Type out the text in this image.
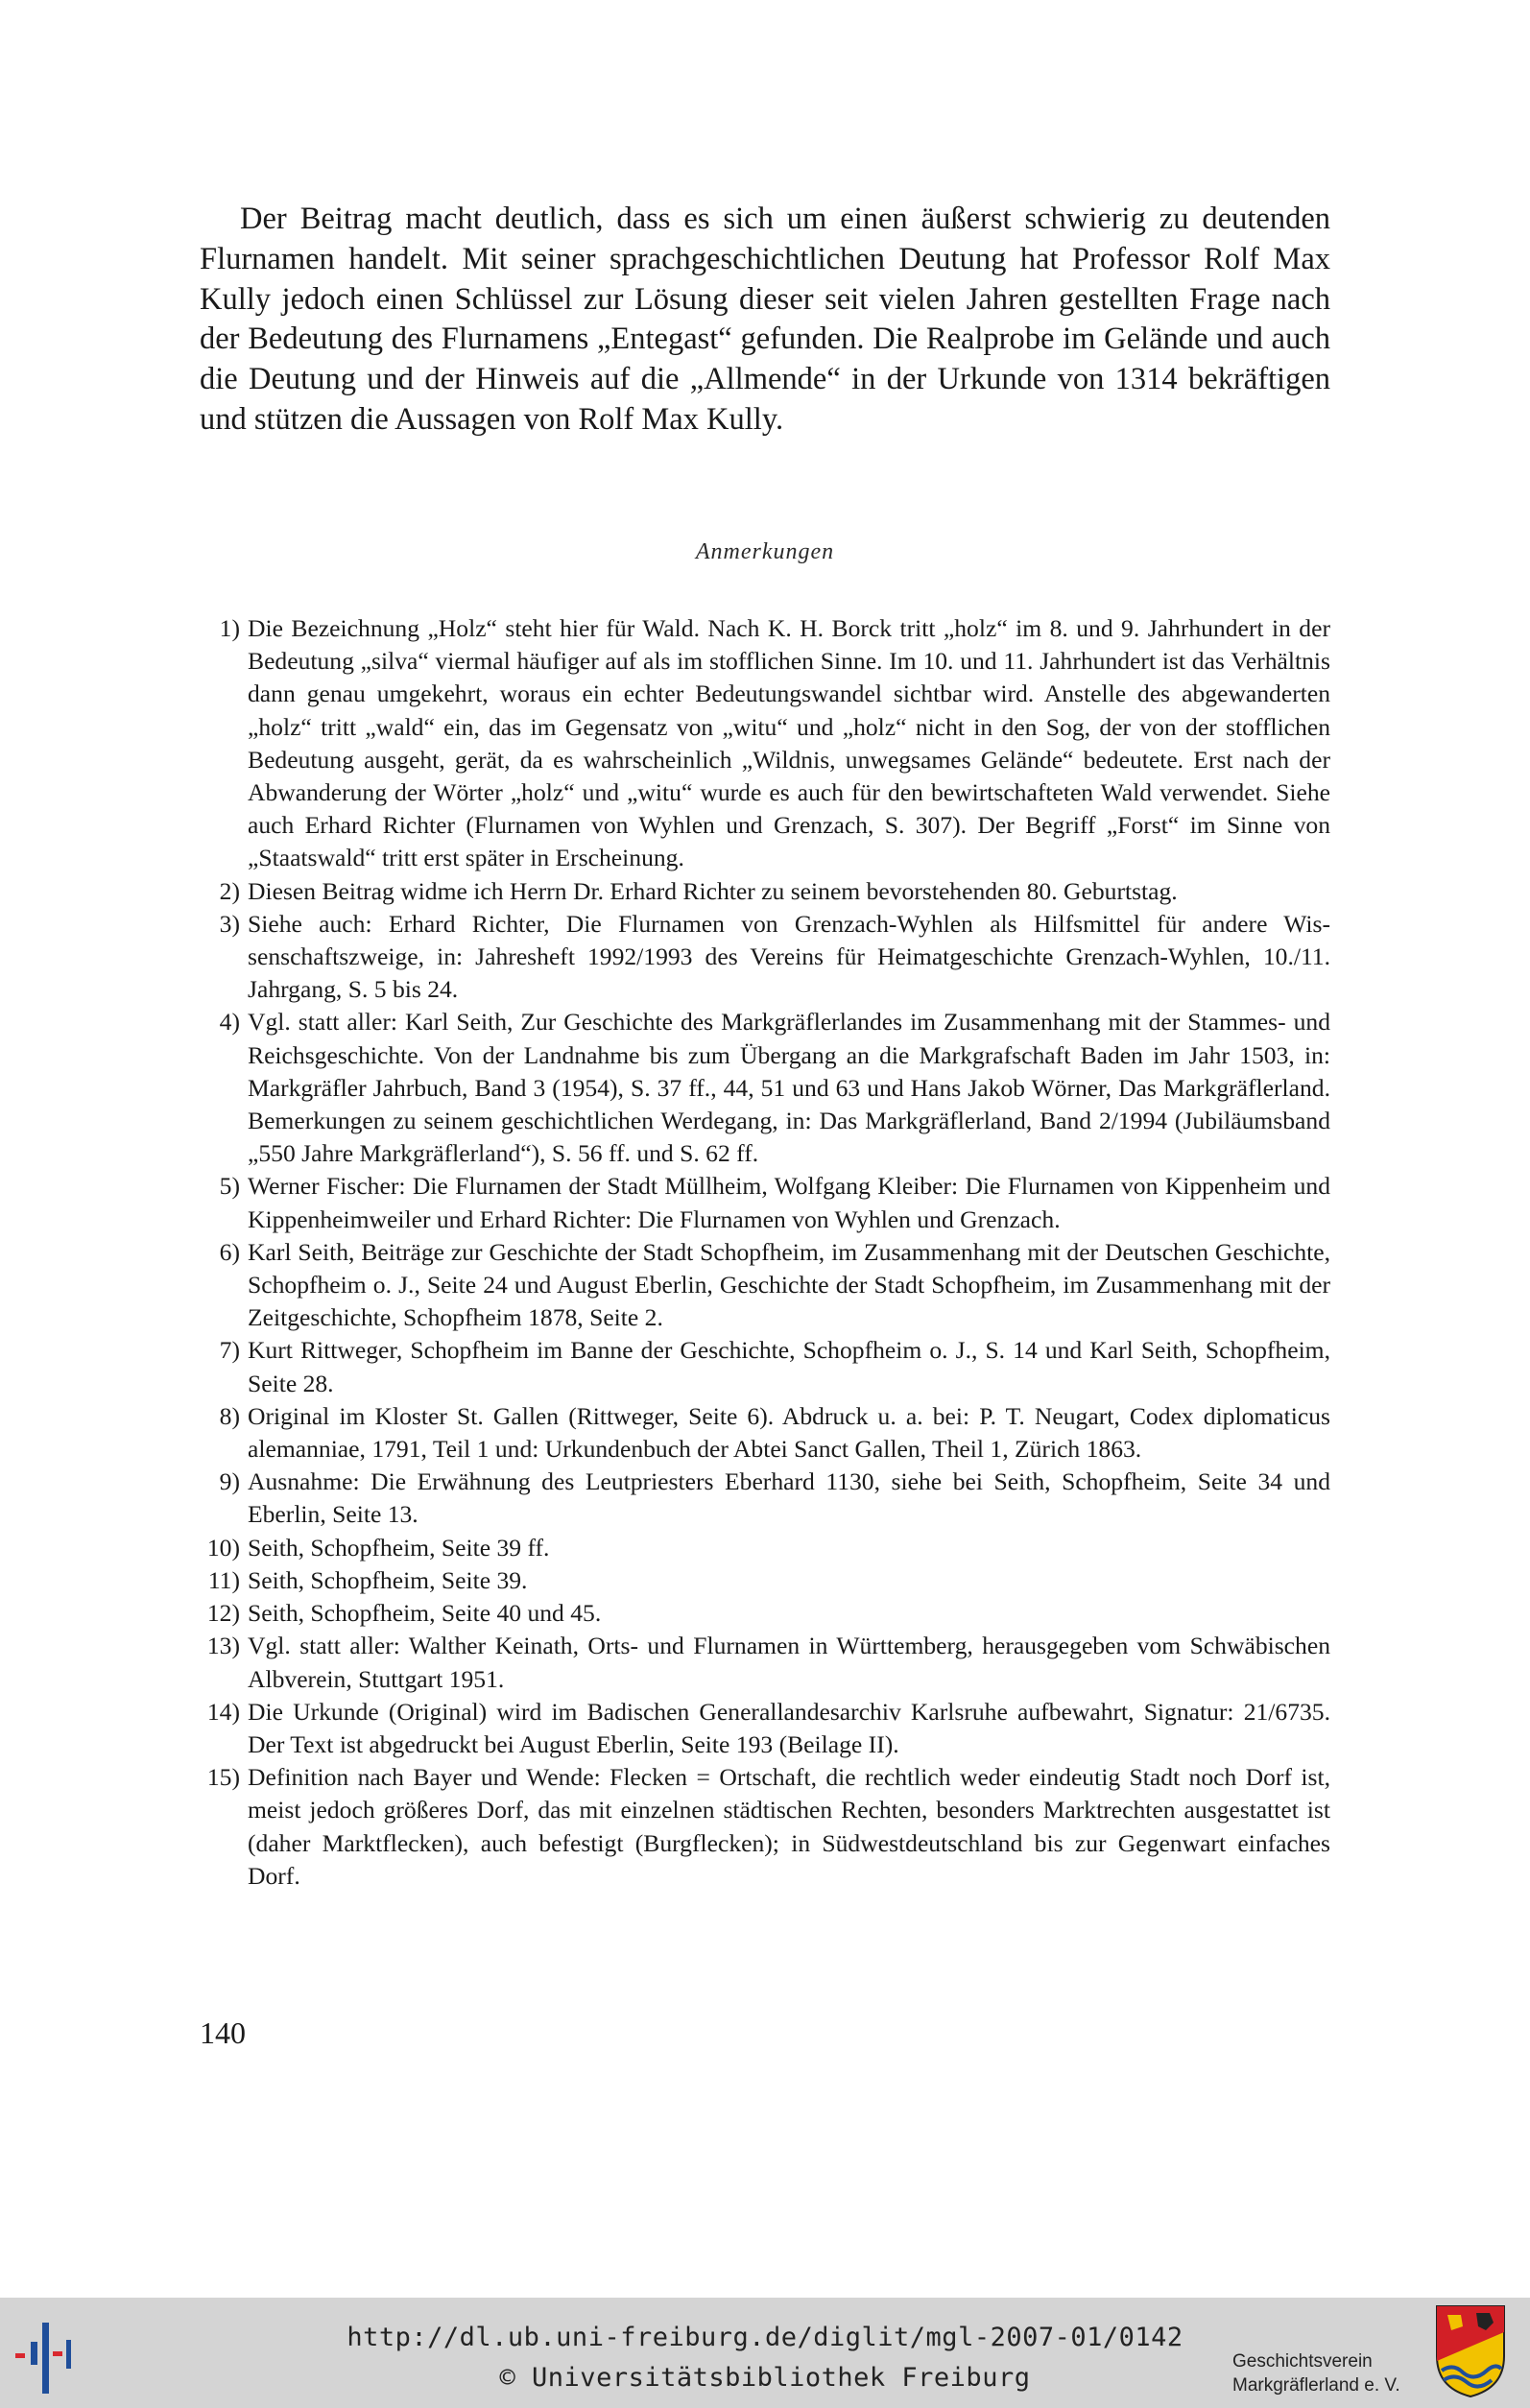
Der Beitrag macht deutlich, dass es sich um einen äußerst schwierig zu deutenden Flurnamen handelt. Mit seiner sprachgeschichtlichen Deutung hat Professor Rolf Max Kully jedoch einen Schlüssel zur Lösung dieser seit vielen Jahren gestellten Frage nach der Bedeutung des Flurnamens „Entegast“ gefunden. Die Realprobe im Gelände und auch die Deutung und der Hinweis auf die „Allmende“ in der Urkunde von 1314 bekräftigen und stützen die Aussagen von Rolf Max Kully.

Anmerkungen
1) Die Bezeichnung „Holz“ steht hier für Wald. Nach K. H. Borck tritt „holz“ im 8. und 9. Jahrhundert in der Bedeutung „silva“ viermal häufiger auf als im stofflichen Sinne. Im 10. und 11. Jahrhundert ist das Verhältnis dann genau umgekehrt, woraus ein echter Bedeutungswandel sichtbar wird. Anstelle des abgewanderten „holz“ tritt „wald“ ein, das im Gegensatz von „witu“ und „holz“ nicht in den Sog, der von der stofflichen Bedeutung ausgeht, gerät, da es wahrscheinlich „Wildnis, unwegsames Gelände“ bedeutete. Erst nach der Abwanderung der Wörter „holz“ und „witu“ wurde es auch für den bewirtschafteten Wald verwendet. Siehe auch Erhard Richter (Flurnamen von Wyhlen und Grenzach, S. 307). Der Begriff „Forst“ im Sinne von „Staatswald“ tritt erst später in Erscheinung.
2) Diesen Beitrag widme ich Herrn Dr. Erhard Richter zu seinem bevorstehenden 80. Geburtstag.
3) Siehe auch: Erhard Richter, Die Flurnamen von Grenzach-Wyhlen als Hilfsmittel für andere Wissenschaftszweige, in: Jahresheft 1992/1993 des Vereins für Heimatgeschichte Grenzach-Wyhlen, 10./11. Jahrgang, S. 5 bis 24.
4) Vgl. statt aller: Karl Seith, Zur Geschichte des Markgräflerlandes im Zusammenhang mit der Stammes- und Reichsgeschichte. Von der Landnahme bis zum Übergang an die Markgrafschaft Baden im Jahr 1503, in: Markgräfler Jahrbuch, Band 3 (1954), S. 37 ff., 44, 51 und 63 und Hans Jakob Wörner, Das Markgräflerland. Bemerkungen zu seinem geschichtlichen Werdegang, in: Das Markgräflerland, Band 2/1994 (Jubiläumsband „550 Jahre Markgräflerland“), S. 56 ff. und S. 62 ff.
5) Werner Fischer: Die Flurnamen der Stadt Müllheim, Wolfgang Kleiber: Die Flurnamen von Kippenheim und Kippenheimweiler und Erhard Richter: Die Flurnamen von Wyhlen und Grenzach.
6) Karl Seith, Beiträge zur Geschichte der Stadt Schopfheim, im Zusammenhang mit der Deutschen Geschichte, Schopfheim o. J., Seite 24 und August Eberlin, Geschichte der Stadt Schopfheim, im Zusammenhang mit der Zeitgeschichte, Schopfheim 1878, Seite 2.
7) Kurt Rittweger, Schopfheim im Banne der Geschichte, Schopfheim o. J., S. 14 und Karl Seith, Schopfheim, Seite 28.
8) Original im Kloster St. Gallen (Rittweger, Seite 6). Abdruck u. a. bei: P. T. Neugart, Codex diplomaticus alemanniae, 1791, Teil 1 und: Urkundenbuch der Abtei Sanct Gallen, Theil 1, Zürich 1863.
9) Ausnahme: Die Erwähnung des Leutpriesters Eberhard 1130, siehe bei Seith, Schopfheim, Seite 34 und Eberlin, Seite 13.
10) Seith, Schopfheim, Seite 39 ff.
11) Seith, Schopfheim, Seite 39.
12) Seith, Schopfheim, Seite 40 und 45.
13) Vgl. statt aller: Walther Keinath, Orts- und Flurnamen in Württemberg, herausgegeben vom Schwäbischen Albverein, Stuttgart 1951.
14) Die Urkunde (Original) wird im Badischen Generallandesarchiv Karlsruhe aufbewahrt, Signatur: 21/6735. Der Text ist abgedruckt bei August Eberlin, Seite 193 (Beilage II).
15) Definition nach Bayer und Wende: Flecken = Ortschaft, die rechtlich weder eindeutig Stadt noch Dorf ist, meist jedoch größeres Dorf, das mit einzelnen städtischen Rechten, besonders Marktrechten ausgestattet ist (daher Marktflecken), auch befestigt (Burgflecken); in Südwestdeutschland bis zur Gegenwart einfaches Dorf.

140

http://dl.ub.uni-freiburg.de/diglit/mgl-2007-01/0142
© Universitätsbibliothek Freiburg
Geschichtsverein
Markgräflerland e. V.
